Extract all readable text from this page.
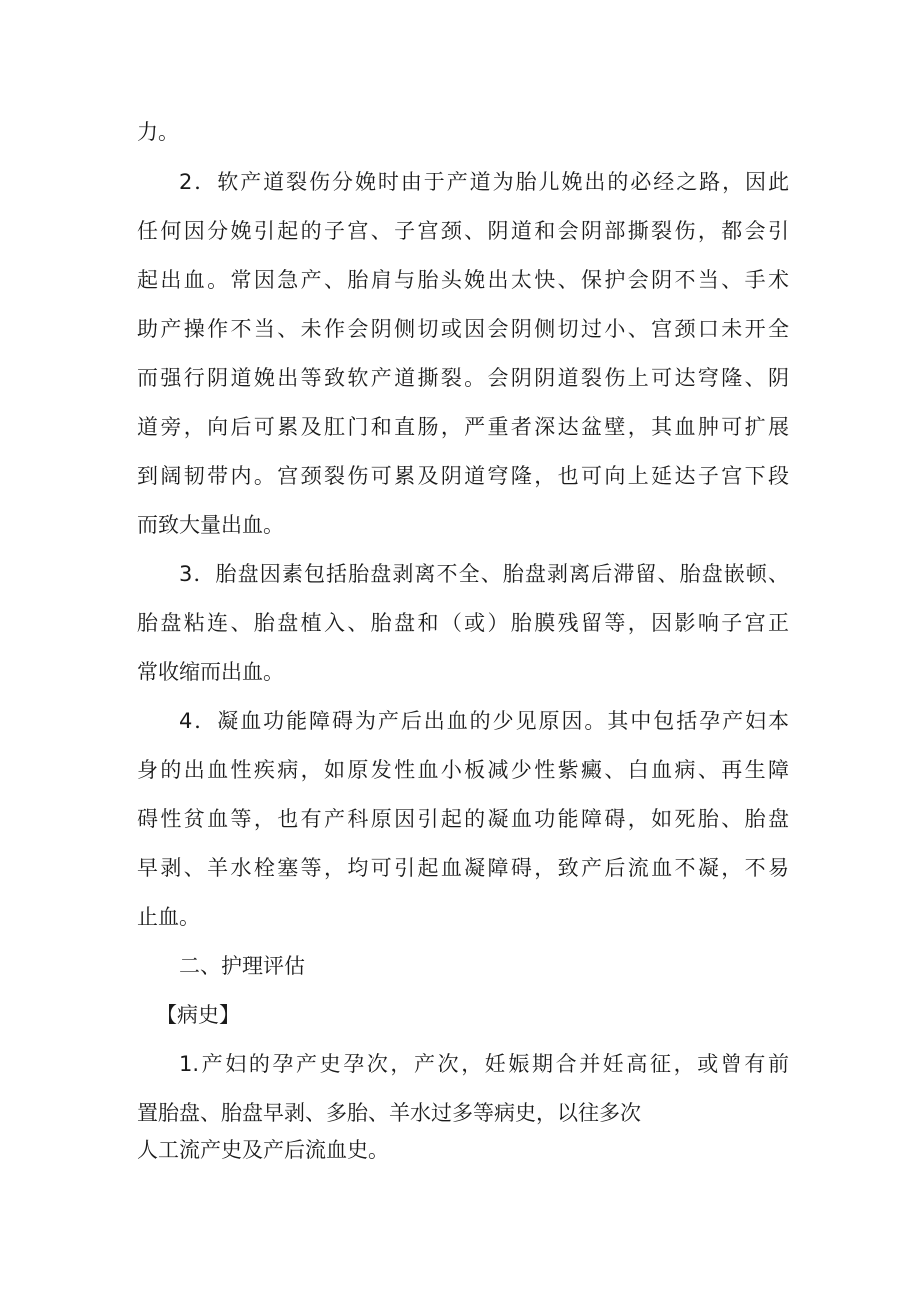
力。

2．软产道裂伤分娩时由于产道为胎儿娩出的必经之路，因此

任何因分娩引起的子宫、子宫颈、阴道和会阴部撕裂伤，都会引

起出血。常因急产、胎肩与胎头娩出太快、保护会阴不当、手术

助产操作不当、未作会阴侧切或因会阴侧切过小、宫颈口未开全

而强行阴道娩出等致软产道撕裂。会阴阴道裂伤上可达穹隆、阴

道旁，向后可累及肛门和直肠，严重者深达盆壁，其血肿可扩展

到阔韧带内。宫颈裂伤可累及阴道穹隆，也可向上延达子宫下段

而致大量出血。

3．胎盘因素包括胎盘剥离不全、胎盘剥离后滞留、胎盘嵌顿、

胎盘粘连、胎盘植入、胎盘和（或）胎膜残留等，因影响子宫正

常收缩而出血。

4．凝血功能障碍为产后出血的少见原因。其中包括孕产妇本

身的出血性疾病，如原发性血小板减少性紫癜、白血病、再生障

碍性贫血等，也有产科原因引起的凝血功能障碍，如死胎、胎盘

早剥、羊水栓塞等，均可引起血凝障碍，致产后流血不凝，不易

止血。

二、护理评估

【病史】

1.产妇的孕产史孕次，产次，妊娠期合并妊高征，或曾有前

置胎盘、胎盘早剥、多胎、羊水过多等病史，以往多次

人工流产史及产后流血史。
